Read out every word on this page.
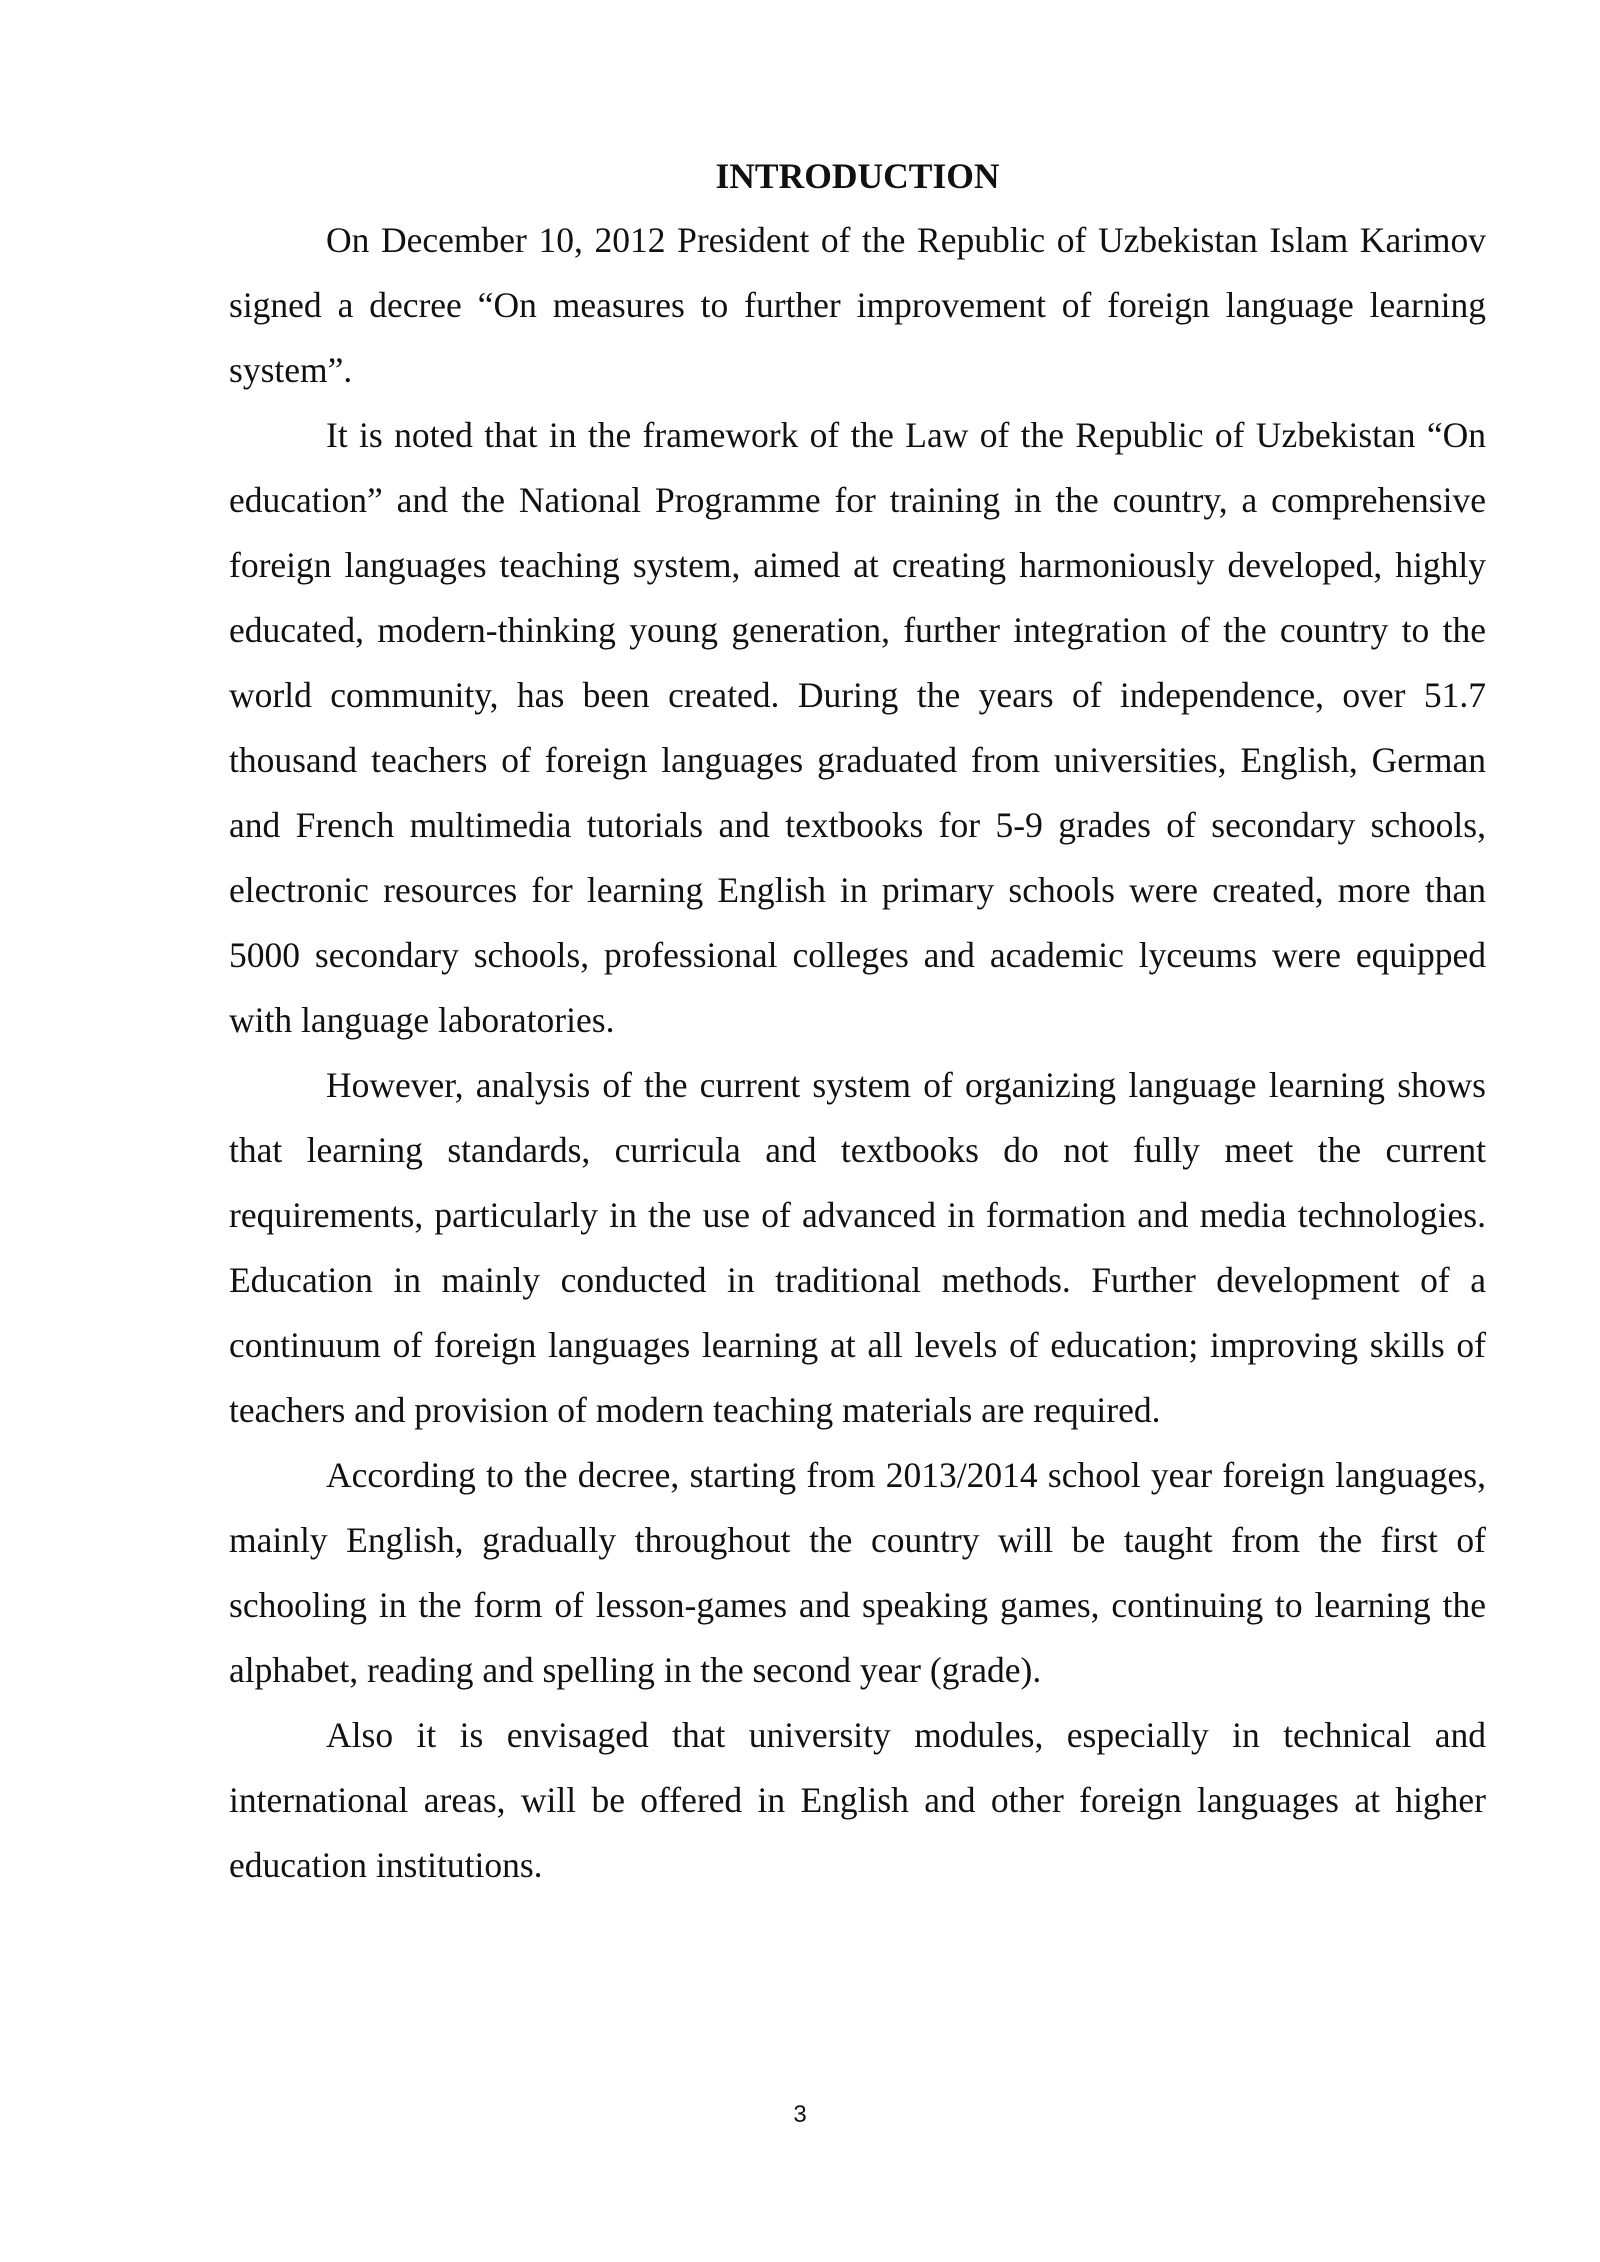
INTRODUCTION

On December 10, 2012 President of the Republic of Uzbekistan Islam Karimov signed a decree “On measures to further improvement of foreign language learning system”.

It is noted that in the framework of the Law of the Republic of Uzbekistan “On education” and the National Programme for training in the country, a comprehensive foreign languages teaching system, aimed at creating harmoniously developed, highly educated, modern-thinking young generation, further integration of the country to the world community, has been created. During the years of independence, over 51.7 thousand teachers of foreign languages graduated from universities, English, German and French multimedia tutorials and textbooks for 5-9 grades of secondary schools, electronic resources for learning English in primary schools were created, more than 5000 secondary schools, professional colleges and academic lyceums were equipped with language laboratories.

However, analysis of the current system of organizing language learning shows that learning standards, curricula and textbooks do not fully meet the current requirements, particularly in the use of advanced in formation and media technologies. Education in mainly conducted in traditional methods. Further development of a continuum of foreign languages learning at all levels of education; improving skills of teachers and provision of modern teaching materials are required.

According to the decree, starting from 2013/2014 school year foreign languages, mainly English, gradually throughout the country will be taught from the first of schooling in the form of lesson-games and speaking games, continuing to learning the alphabet, reading and spelling in the second year (grade).

Also it is envisaged that university modules, especially in technical and international areas, will be offered in English and other foreign languages at higher education institutions.

3
